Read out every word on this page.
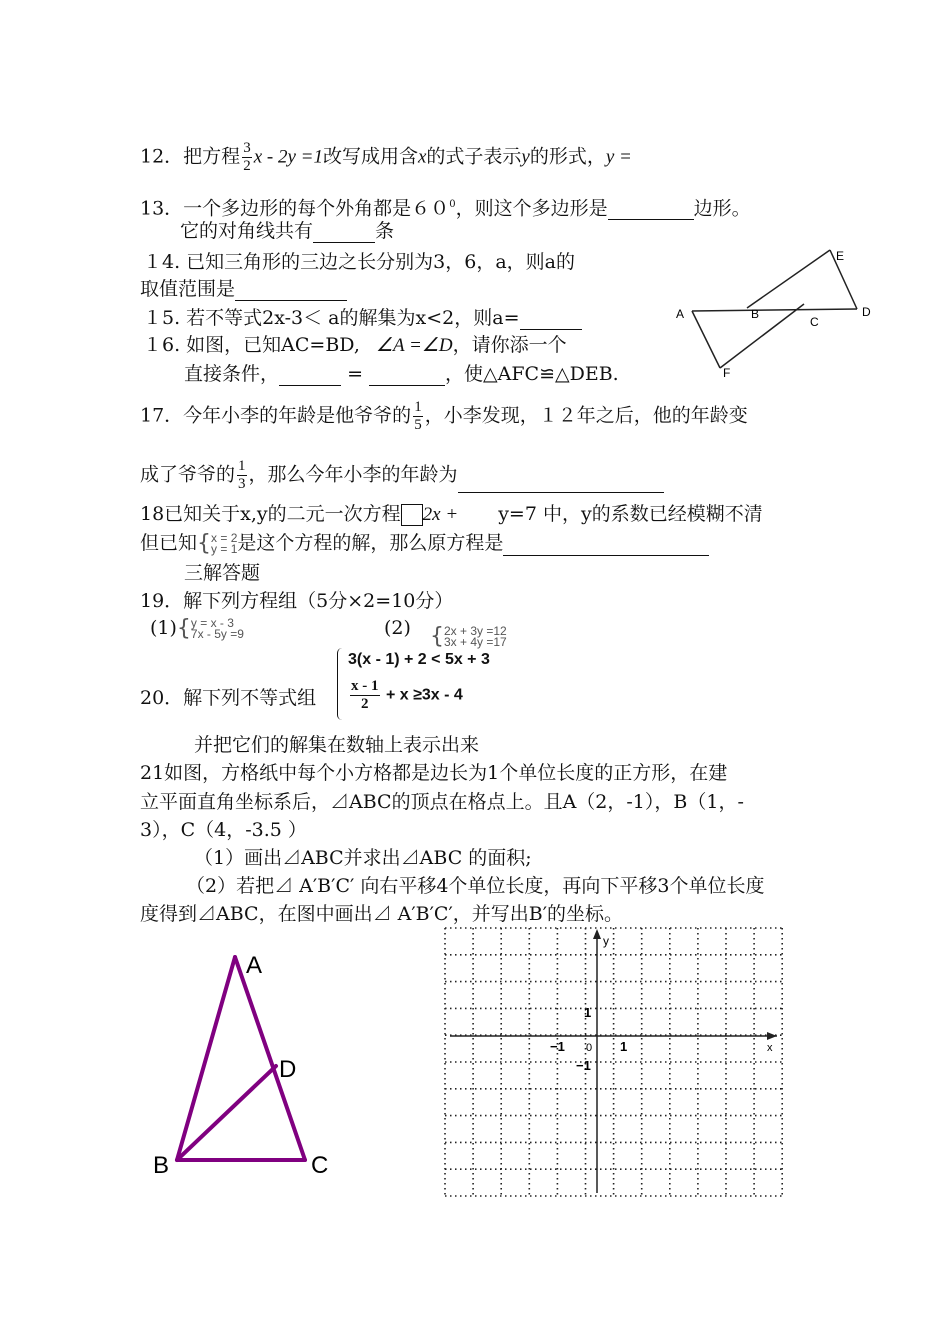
12．把方程 $\frac{3}{2}$ x - 2y =1改写成用含x的式子表示y的形式，y =
13．一个多边形的每个外角都是$60^0$，则这个多边形是	边形。
它的对角线共有	条
１4. 已知三角形的三边之长分别为3，6，a，则a的
取值范围是
１5. 若不等式2x-3＜ a的解集为x<2，则a=
１6. 如图，已知AC=BD, ∠A =∠D，请你添一个
直接条件，	=	，使△AFC≌△DEB.
A	B
C
D
E
F
17．今年小李的年龄是他爷爷的 $\frac{1}{5}$ ，小李发现，１２年之后，他的年龄变
成了爷爷的 $\frac{1}{3}$ ，那么今年小李的年龄为
18已知关于x,y的二元一次方程 2x + y=7 中，y的系数已经模糊不清
但已知{ x = 2
y = 1 是这个方程的解，那么原方程是
三解答题
19．解下列方程组（5分×2=10分）
(1){ y = x - 3
7x - 5y =9	(2) { 2x + 3y =12
3x + 4y =17
20．解下列不等式组
3(x - 1) + 2 < 5x + 3
$\frac{x - 1}{2} + x \ge 3x - 4$
并把它们的解集在数轴上表示出来
21如图，方格纸中每个小方格都是边长为1个单位长度的正方形，在建
立平面直角坐标系后，⊿ABC的顶点在格点上。且A（2，-1），B（1，-
3），C（4，-3.5 ）
（1）画出⊿ABC并求出⊿ABC 的面积;
（2）若把⊿ A′B′C′ 向右平移4个单位长度，再向下平移3个单位长度
度得到⊿ABC，在图中画出⊿ A′B′C′，并写出B′的坐标。
A
B	C
D
y
x
1
−1 0 1
−1
